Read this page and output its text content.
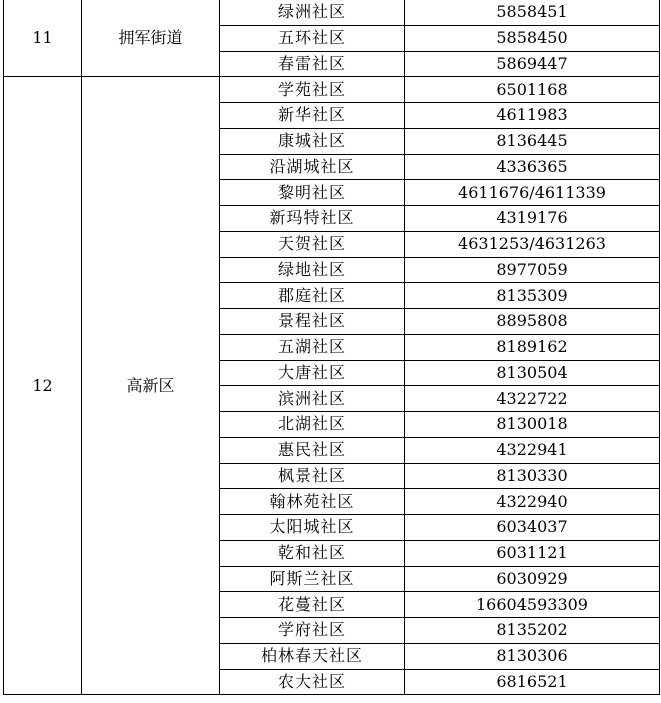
11	拥军街道	绿洲社区	5858451
		五环社区	5858450
		春雷社区	5869447
12	高新区	学苑社区	6501168
		新华社区	4611983
		康城社区	8136445
		沿湖城社区	4336365
		黎明社区	4611676/4611339
		新玛特社区	4319176
		天贺社区	4631253/4631263
		绿地社区	8977059
		郡庭社区	8135309
		景程社区	8895808
		五湖社区	8189162
		大唐社区	8130504
		滨洲社区	4322722
		北湖社区	8130018
		惠民社区	4322941
		枫景社区	8130330
		翰林苑社区	4322940
		太阳城社区	6034037
		乾和社区	6031121
		阿斯兰社区	6030929
		花蔓社区	16604593309
		学府社区	8135202
		柏林春天社区	8130306
		农大社区	6816521
